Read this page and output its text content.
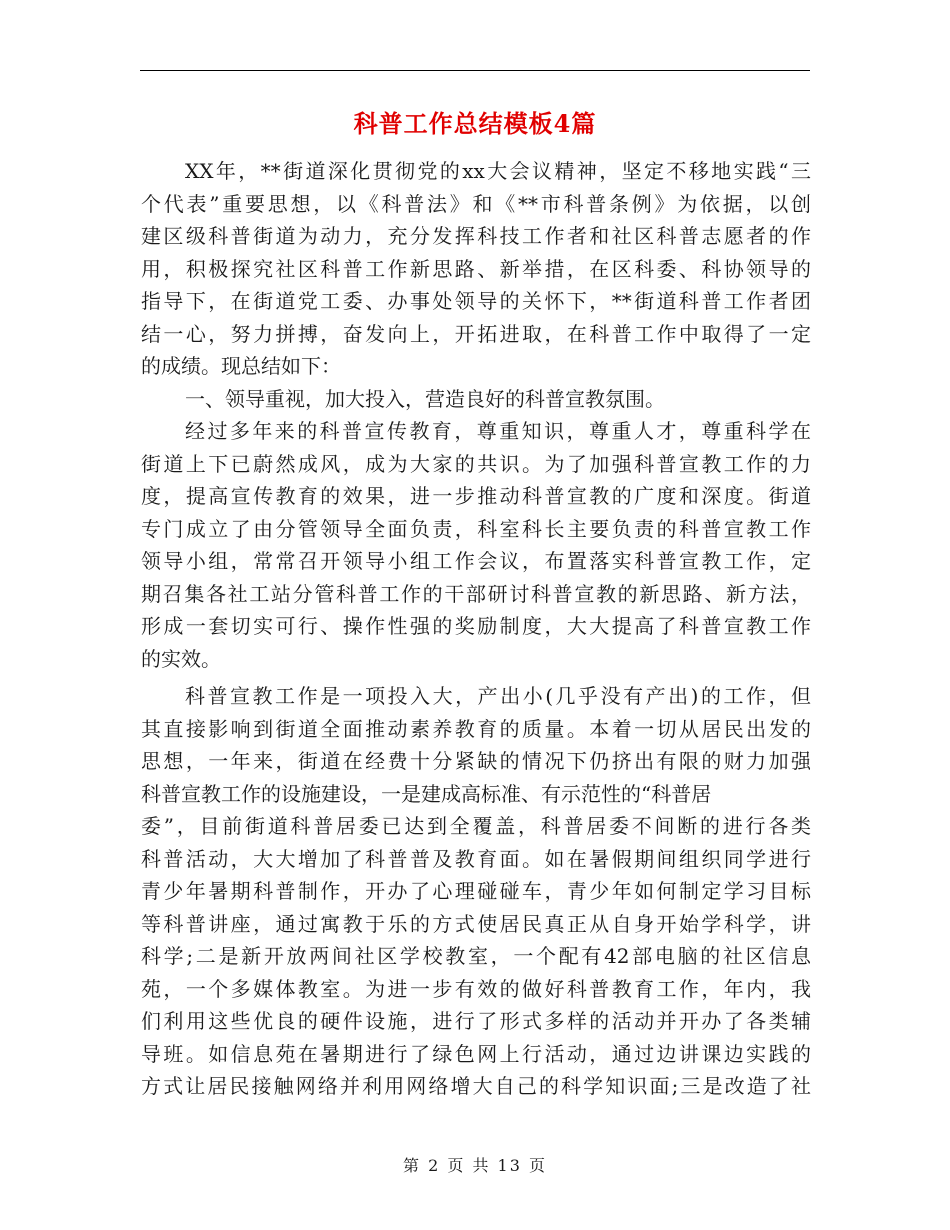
科普工作总结模板4篇
XX年，**街道深化贯彻党的xx大会议精神，坚定不移地实践“三
个代表”重要思想，以《科普法》和《**市科普条例》为依据，以创
建区级科普街道为动力，充分发挥科技工作者和社区科普志愿者的作
用，积极探究社区科普工作新思路、新举措，在区科委、科协领导的
指导下，在街道党工委、办事处领导的关怀下，**街道科普工作者团
结一心，努力拼搏，奋发向上，开拓进取，在科普工作中取得了一定
的成绩。现总结如下：
一、领导重视，加大投入，营造良好的科普宣教氛围。
经过多年来的科普宣传教育，尊重知识，尊重人才，尊重科学在
街道上下已蔚然成风，成为大家的共识。为了加强科普宣教工作的力
度，提高宣传教育的效果，进一步推动科普宣教的广度和深度。街道
专门成立了由分管领导全面负责，科室科长主要负责的科普宣教工作
领导小组，常常召开领导小组工作会议，布置落实科普宣教工作，定
期召集各社工站分管科普工作的干部研讨科普宣教的新思路、新方法，
形成一套切实可行、操作性强的奖励制度，大大提高了科普宣教工作
的实效。
科普宣教工作是一项投入大，产出小(几乎没有产出)的工作，但
其直接影响到街道全面推动素养教育的质量。本着一切从居民出发的
思想，一年来，街道在经费十分紧缺的情况下仍挤出有限的财力加强
科普宣教工作的设施建设，一是建成高标准、有示范性的“科普居
委”，目前街道科普居委已达到全覆盖，科普居委不间断的进行各类
科普活动，大大增加了科普普及教育面。如在暑假期间组织同学进行
青少年暑期科普制作，开办了心理碰碰车，青少年如何制定学习目标
等科普讲座，通过寓教于乐的方式使居民真正从自身开始学科学，讲
科学;二是新开放两间社区学校教室，一个配有42部电脑的社区信息
苑，一个多媒体教室。为进一步有效的做好科普教育工作，年内，我
们利用这些优良的硬件设施，进行了形式多样的活动并开办了各类辅
导班。如信息苑在暑期进行了绿色网上行活动，通过边讲课边实践的
方式让居民接触网络并利用网络增大自己的科学知识面;三是改造了社
第 2 页 共 13 页
